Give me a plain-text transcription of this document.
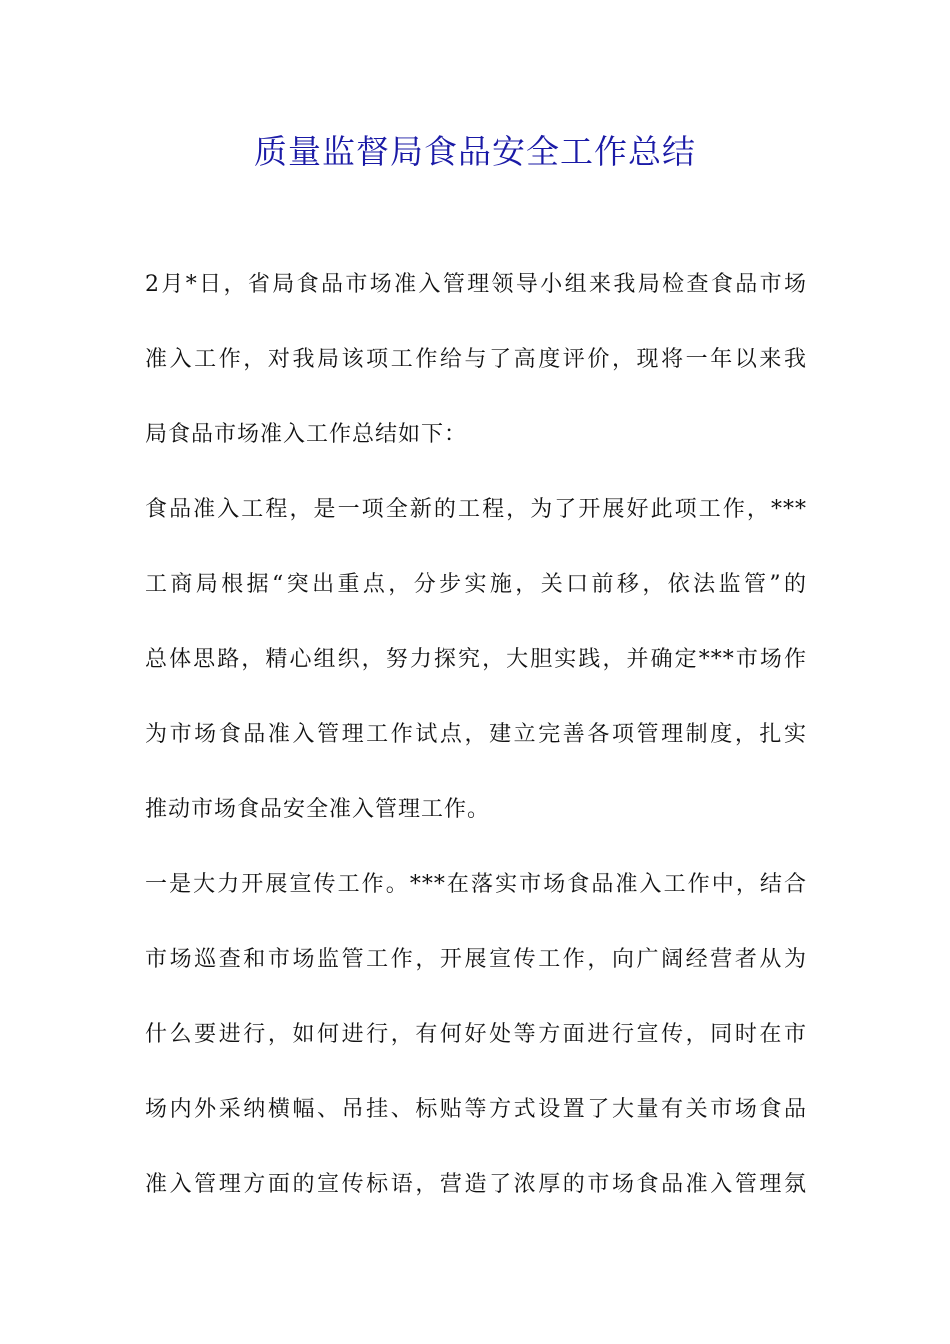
质量监督局食品安全工作总结
2月*日，省局食品市场准入管理领导小组来我局检查食品市场
准入工作，对我局该项工作给与了高度评价，现将一年以来我
局食品市场准入工作总结如下：
食品准入工程，是一项全新的工程，为了开展好此项工作，***
工商局根据“突出重点，分步实施，关口前移，依法监管”的
总体思路，精心组织，努力探究，大胆实践，并确定***市场作
为市场食品准入管理工作试点，建立完善各项管理制度，扎实
推动市场食品安全准入管理工作。
一是大力开展宣传工作。***在落实市场食品准入工作中，结合
市场巡查和市场监管工作，开展宣传工作，向广阔经营者从为
什么要进行，如何进行，有何好处等方面进行宣传，同时在市
场内外采纳横幅、吊挂、标贴等方式设置了大量有关市场食品
准入管理方面的宣传标语，营造了浓厚的市场食品准入管理氛
